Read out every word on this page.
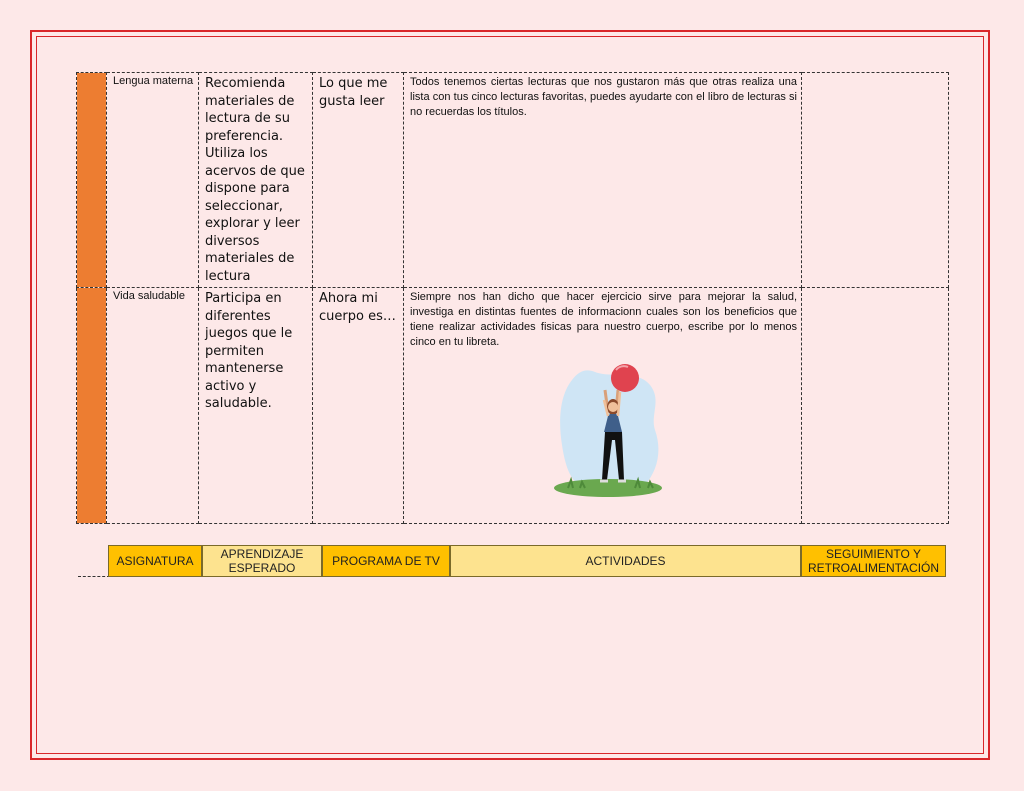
	Lengua materna	Recomienda materiales de lectura de su preferencia. Utiliza los acervos de que dispone para seleccionar, explorar y leer diversos materiales de lectura	Lo que me gusta leer	Todos tenemos ciertas lecturas que nos gustaron más que otras realiza una lista con tus cinco lecturas favoritas, puedes ayudarte con el libro de lecturas si no recuerdas los títulos.	
	Vida saludable	Participa en diferentes juegos que le permiten mantenerse activo y saludable.	Ahora mi cuerpo es…	Siempre nos han dicho que hacer ejercicio sirve para mejorar la salud, investiga en distintas fuentes de informacionn cuales son los beneficios que tiene realizar actividades fisicas para nuestro cuerpo, escribe por lo menos cinco en tu libreta.	

ASIGNATURA	APRENDIZAJE ESPERADO	PROGRAMA DE TV	ACTIVIDADES	SEGUIMIENTO Y RETROALIMENTACIÓN
